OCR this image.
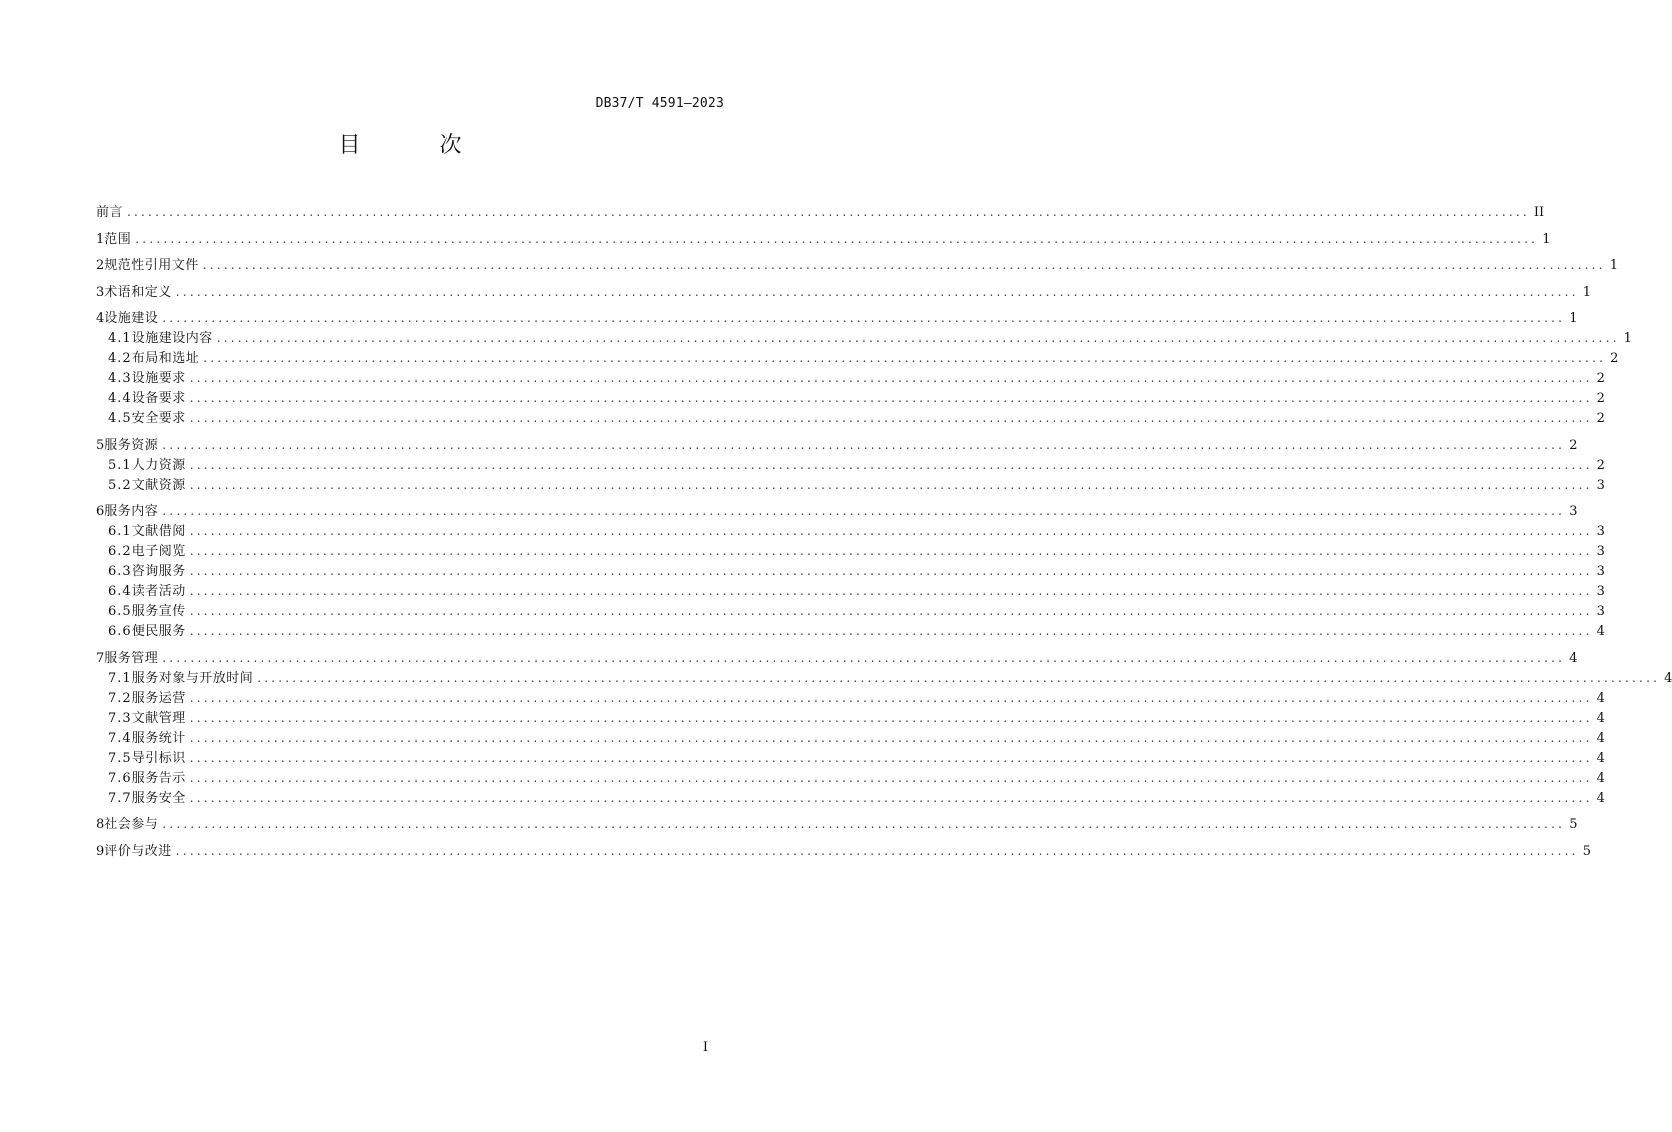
DB37/T 4591—2023
目 次
前言 ........................................................................................................................................................................................................ II
1 范围 ........................................................................................................................................................................................................ 1
2 规范性引用文件 ........................................................................................................................................................................................................ 1
3 术语和定义 ........................................................................................................................................................................................................ 1
4 设施建设 ........................................................................................................................................................................................................ 1
4.1 设施建设内容 ........................................................................................................................................................................................................ 1
4.2 布局和选址 ........................................................................................................................................................................................................ 2
4.3 设施要求 ........................................................................................................................................................................................................ 2
4.4 设备要求 ........................................................................................................................................................................................................ 2
4.5 安全要求 ........................................................................................................................................................................................................ 2
5 服务资源 ........................................................................................................................................................................................................ 2
5.1 人力资源 ........................................................................................................................................................................................................ 2
5.2 文献资源 ........................................................................................................................................................................................................ 3
6 服务内容 ........................................................................................................................................................................................................ 3
6.1 文献借阅 ........................................................................................................................................................................................................ 3
6.2 电子阅览 ........................................................................................................................................................................................................ 3
6.3 咨询服务 ........................................................................................................................................................................................................ 3
6.4 读者活动 ........................................................................................................................................................................................................ 3
6.5 服务宣传 ........................................................................................................................................................................................................ 3
6.6 便民服务 ........................................................................................................................................................................................................ 4
7 服务管理 ........................................................................................................................................................................................................ 4
7.1 服务对象与开放时间 ........................................................................................................................................................................................................ 4
7.2 服务运营 ........................................................................................................................................................................................................ 4
7.3 文献管理 ........................................................................................................................................................................................................ 4
7.4 服务统计 ........................................................................................................................................................................................................ 4
7.5 导引标识 ........................................................................................................................................................................................................ 4
7.6 服务告示 ........................................................................................................................................................................................................ 4
7.7 服务安全 ........................................................................................................................................................................................................ 4
8 社会参与 ........................................................................................................................................................................................................ 5
9 评价与改进 ........................................................................................................................................................................................................ 5
I
